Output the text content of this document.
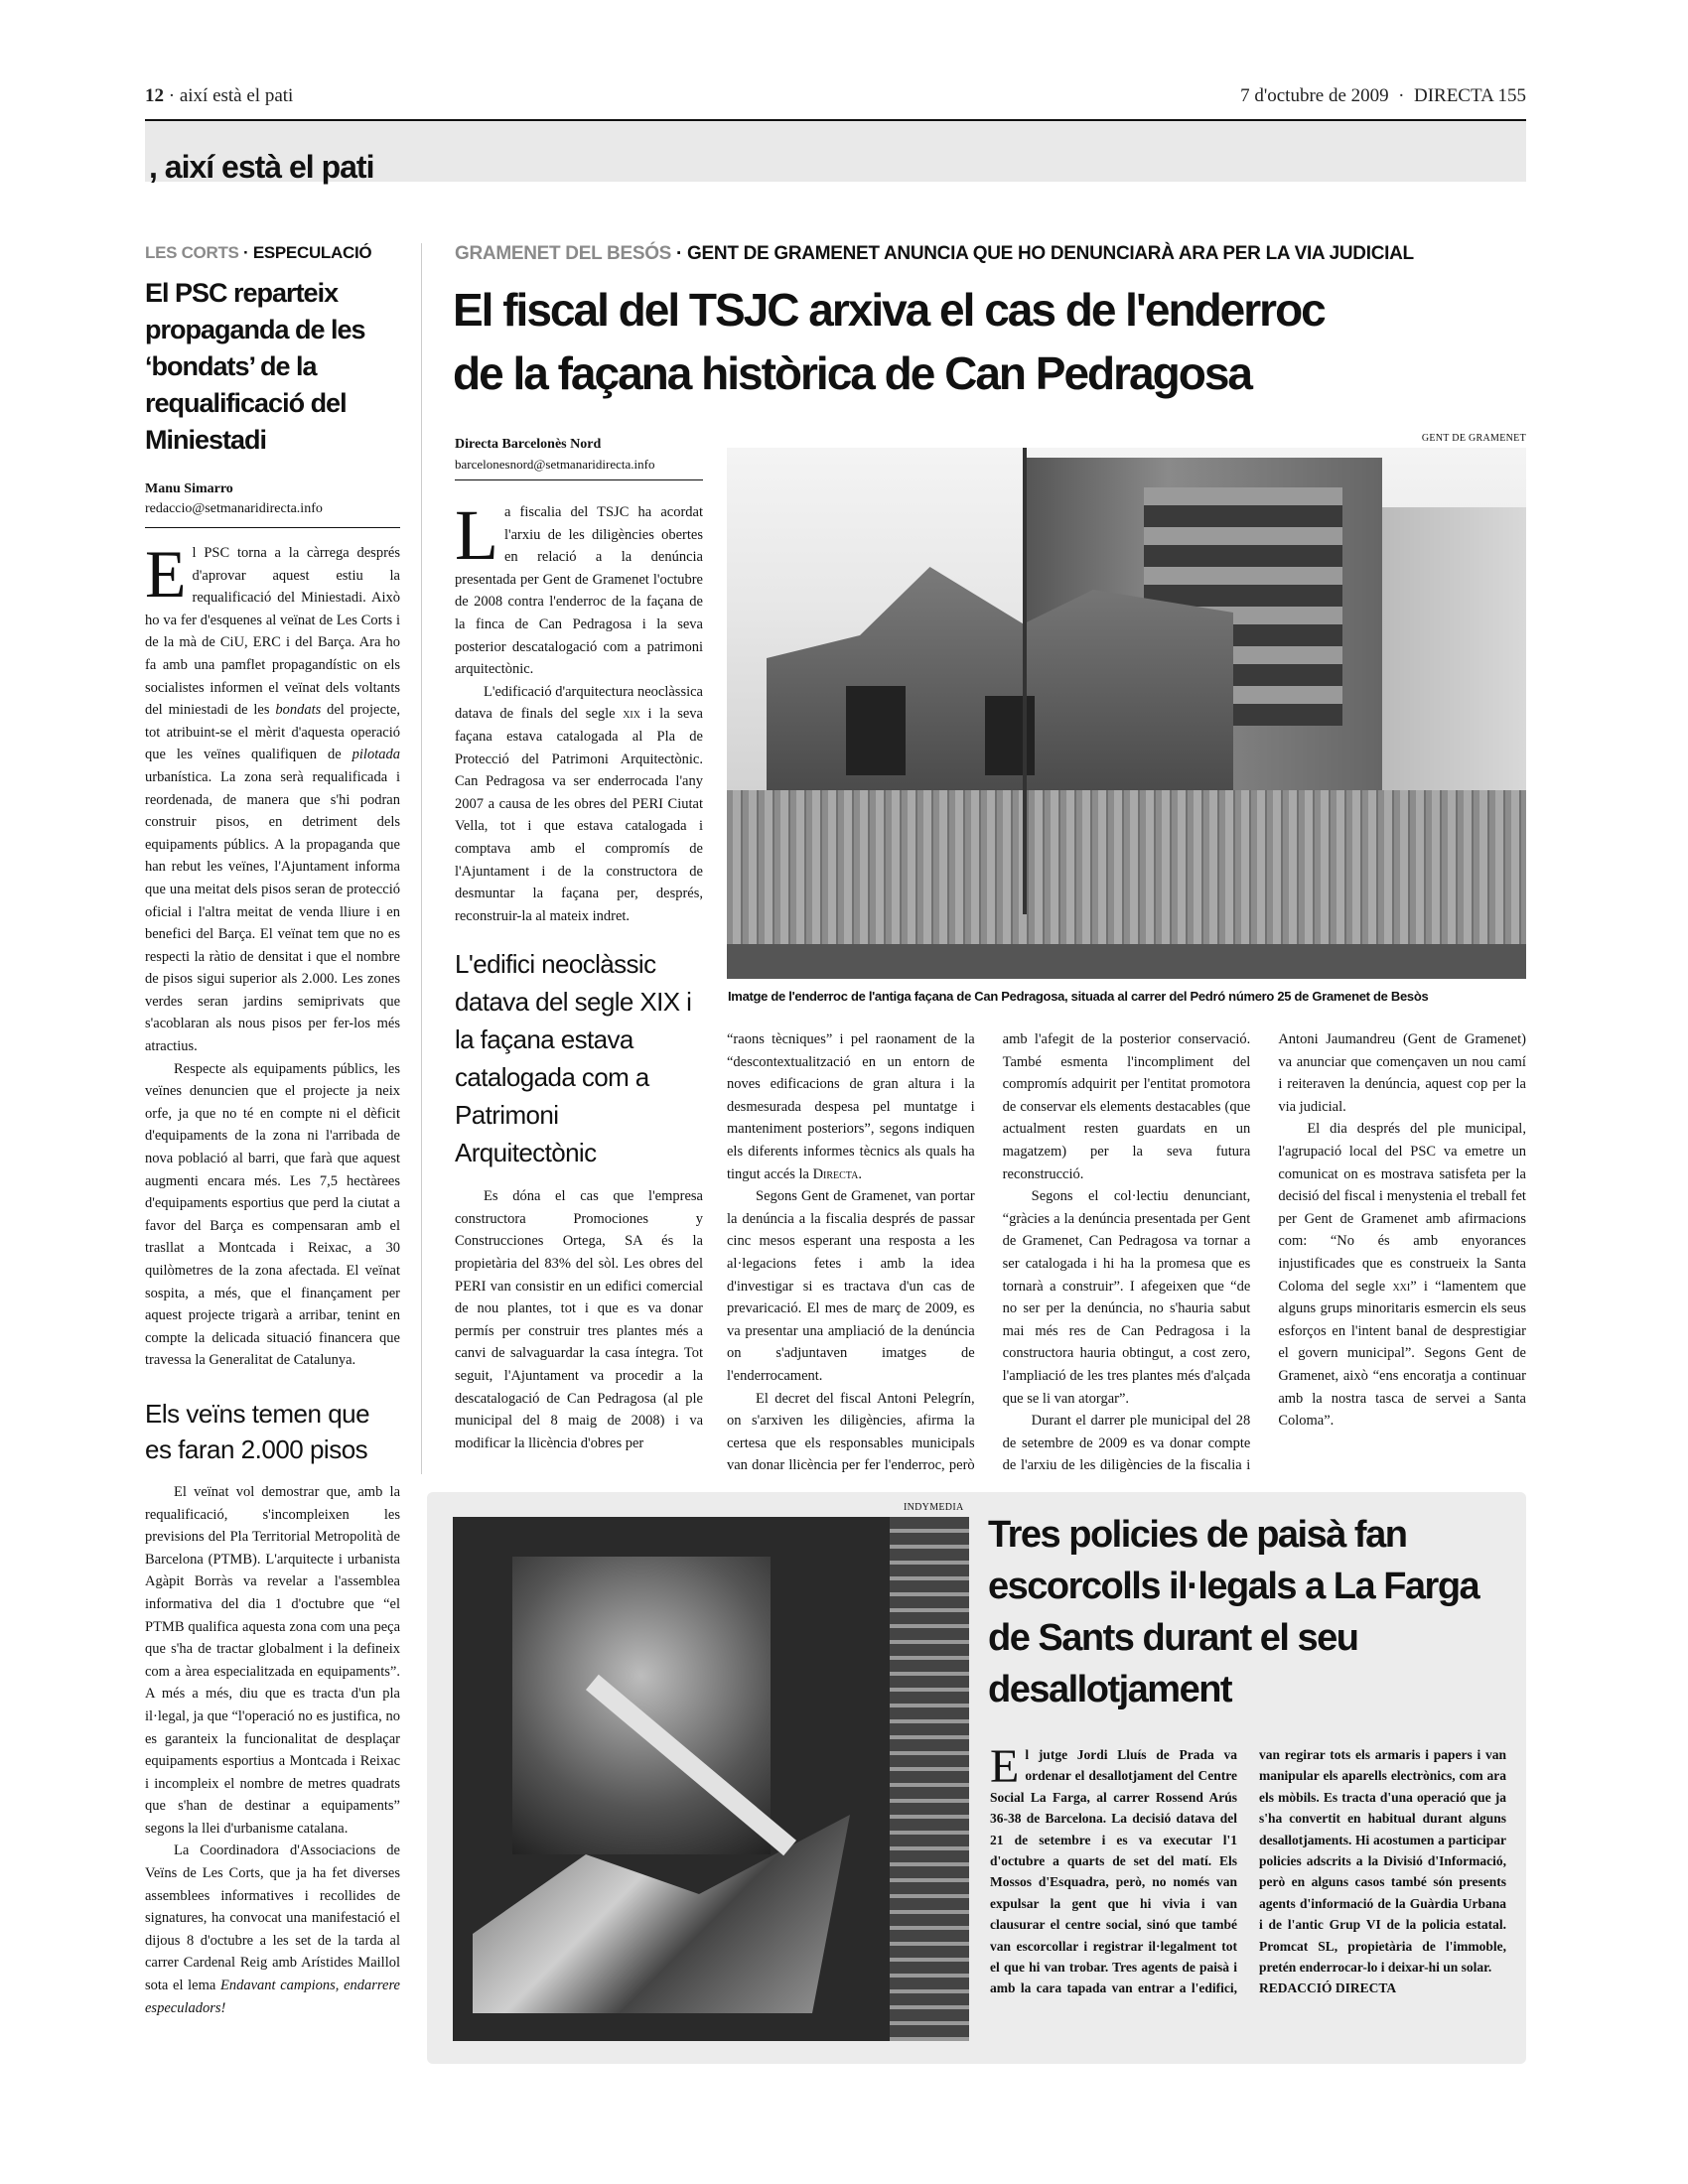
12 · així està el pati	7 d'octubre de 2009  ·  DIRECTA 155
, així està el pati
LES CORTS · ESPECULACIÓ
El PSC reparteix propaganda de les ‘bondats’ de la requalificació del Miniestadi
Manu Simarro
redaccio@setmanaridirecta.info
E l PSC torna a la càrrega després d'aprovar aquest estiu la requalificació del Miniestadi. Això ho va fer d'esquenes al veïnat de Les Corts i de la mà de CiU, ERC i del Barça. Ara ho fa amb una pamflet propagandístic on els socialistes informen el veïnat dels voltants del miniestadi de les bondats del projecte, tot atribuint-se el mèrit d'aquesta operació que les veïnes qualifiquen de pilotada urbanística. La zona serà requalificada i reordenada, de manera que s'hi podran construir pisos, en detriment dels equipaments públics. A la propaganda que han rebut les veïnes, l'Ajuntament informa que una meitat dels pisos seran de protecció oficial i l'altra meitat de venda lliure i en benefici del Barça. El veïnat tem que no es respecti la ràtio de densitat i que el nombre de pisos sigui superior als 2.000. Les zones verdes seran jardins semiprivats que s'acoblaran als nous pisos per fer-los més atractius.

Respecte als equipaments públics, les veïnes denuncien que el projecte ja neix orfe, ja que no té en compte ni el dèficit d'equipaments de la zona ni l'arribada de nova població al barri, que farà que aquest augmenti encara més. Les 7,5 hectàrees d'equipaments esportius que perd la ciutat a favor del Barça es compensaran amb el trasllat a Montcada i Reixac, a 30 quilòmetres de la zona afectada. El veïnat sospita, a més, que el finançament per aquest projecte trigarà a arribar, tenint en compte la delicada situació financera que travessa la Generalitat de Catalunya.

Els veïns temen que es faran 2.000 pisos

El veïnat vol demostrar que, amb la requalificació, s'incompleixen les previsions del Pla Territorial Metropolità de Barcelona (PTMB). L'arquitecte i urbanista Agàpit Borràs va revelar a l'assemblea informativa del dia 1 d'octubre que “el PTMB qualifica aquesta zona com una peça que s'ha de tractar globalment i la defineix com a àrea especialitzada en equipaments”. A més a més, diu que es tracta d'un pla il·legal, ja que “l'operació no es justifica, no es garanteix la funcionalitat de desplaçar equipaments esportius a Montcada i Reixac i incompleix el nombre de metres quadrats que s'han de destinar a equipaments” segons la llei d'urbanisme catalana.

La Coordinadora d'Associacions de Veïns de Les Corts, que ja ha fet diverses assemblees informatives i recollides de signatures, ha convocat una manifestació el dijous 8 d'octubre a les set de la tarda al carrer Cardenal Reig amb Arístides Maillol sota el lema Endavant campions, endarrere especuladors!

GRAMENET DEL BESÓS · GENT DE GRAMENET ANUNCIA QUE HO DENUNCIARÀ ARA PER LA VIA JUDICIAL
El fiscal del TSJC arxiva el cas de l'enderroc
de la façana històrica de Can Pedragosa
Directa Barcelonès Nord
barcelonesnord@setmanaridirecta.info
GENT DE GRAMENET
Imatge de l'enderroc de l'antiga façana de Can Pedragosa, situada al carrer del Pedró número 25 de Gramenet de Besòs
L a fiscalia del TSJC ha acordat l'arxiu de les diligències obertes en relació a la denúncia presentada per Gent de Gramenet l'octubre de 2008 contra l'enderroc de la façana de la finca de Can Pedragosa i la seva posterior descatalogació com a patrimoni arquitectònic.

L'edificació d'arquitectura neoclàssica datava de finals del segle xix i la seva façana estava catalogada al Pla de Protecció del Patrimoni Arquitectònic. Can Pedragosa va ser enderrocada l'any 2007 a causa de les obres del PERI Ciutat Vella, tot i que estava catalogada i comptava amb el compromís de l'Ajuntament i de la constructora de desmuntar la façana per, després, reconstruir-la al mateix indret.

L'edifici neoclàssic datava del segle XIX i la façana estava catalogada com a Patrimoni Arquitectònic

Es dóna el cas que l'empresa constructora Promociones y Construcciones Ortega, SA és la propietària del 83% del sòl. Les obres del PERI van consistir en un edifici comercial de nou plantes, tot i que es va donar permís per construir tres plantes més a canvi de salvaguardar la casa íntegra. Tot seguit, l'Ajuntament va procedir a la descatalogació de Can Pedragosa (al ple municipal del 8 maig de 2008) i va modificar la llicència d'obres per

“raons tècniques” i pel raonament de la “descontextualització en un entorn de noves edificacions de gran altura i la desmesurada despesa pel muntatge i manteniment posteriors”, segons indiquen els diferents informes tècnics als quals ha tingut accés la Directa.

Segons Gent de Gramenet, van portar la denúncia a la fiscalia després de passar cinc mesos esperant una resposta a les al·legacions fetes i amb la idea d'investigar si es tractava d'un cas de prevaricació. El mes de març de 2009, es va presentar una ampliació de la denúncia on s'adjuntaven imatges de l'enderrocament.

El decret del fiscal Antoni Pelegrín, on s'arxiven les diligències, afirma la certesa que els responsables municipals van donar llicència per fer l'enderroc, però amb l'afegit de la posterior conservació. També esmenta l'incompliment del compromís adquirit per l'entitat promotora de conservar els elements destacables (que actualment resten guardats en un magatzem) per la seva futura reconstrucció.

Segons el col·lectiu denunciant, “gràcies a la denúncia presentada per Gent de Gramenet, Can Pedragosa va tornar a ser catalogada i hi ha la promesa que es tornarà a construir”. I afegeixen que “de no ser per la denúncia, no s'hauria sabut mai més res de Can Pedragosa i la constructora hauria obtingut, a cost zero, l'ampliació de les tres plantes més d'alçada que se li van atorgar”.

Durant el darrer ple municipal del 28 de setembre de 2009 es va donar compte de l'arxiu de les diligències de la fiscalia i Antoni Jaumandreu (Gent de Gramenet) va anunciar que començaven un nou camí i reiteraven la denúncia, aquest cop per la via judicial.

El dia després del ple municipal, l'agrupació local del PSC va emetre un comunicat on es mostrava satisfeta per la decisió del fiscal i menystenia el treball fet per Gent de Gramenet amb afirmacions com: “No és amb enyorances injustificades que es construeix la Santa Coloma del segle xxi” i “lamentem que alguns grups minoritaris esmercin els seus esforços en l'intent banal de desprestigiar el govern municipal”. Segons Gent de Gramenet, això “ens encoratja a continuar amb la nostra tasca de servei a Santa Coloma”.

INDYMEDIA
Tres policies de paisà fan escorcolls il·legals a La Farga de Sants durant el seu desallotjament
E l jutge Jordi Lluís de Prada va ordenar el desallotjament del Centre Social La Farga, al carrer Rossend Arús 36-38 de Barcelona. La decisió datava del 21 de setembre i es va executar l'1 d'octubre a quarts de set del matí. Els Mossos d'Esquadra, però, no només van expulsar la gent que hi vivia i van clausurar el centre social, sinó que també van escorcollar i registrar il·legalment tot el que hi van trobar. Tres agents de paisà i amb la cara tapada van entrar a l'edifici, van regirar tots els armaris i papers i van manipular els aparells electrònics, com ara els mòbils. Es tracta d'una operació que ja s'ha convertit en habitual durant alguns desallotjaments. Hi acostumen a participar policies adscrits a la Divisió d'Informació, però en alguns casos també són presents agents d'informació de la Guàrdia Urbana i de l'antic Grup VI de la policia estatal. Promcat SL, propietària de l'immoble, pretén enderrocar-lo i deixar-hi un solar.

REDACCIÓ DIRECTA
